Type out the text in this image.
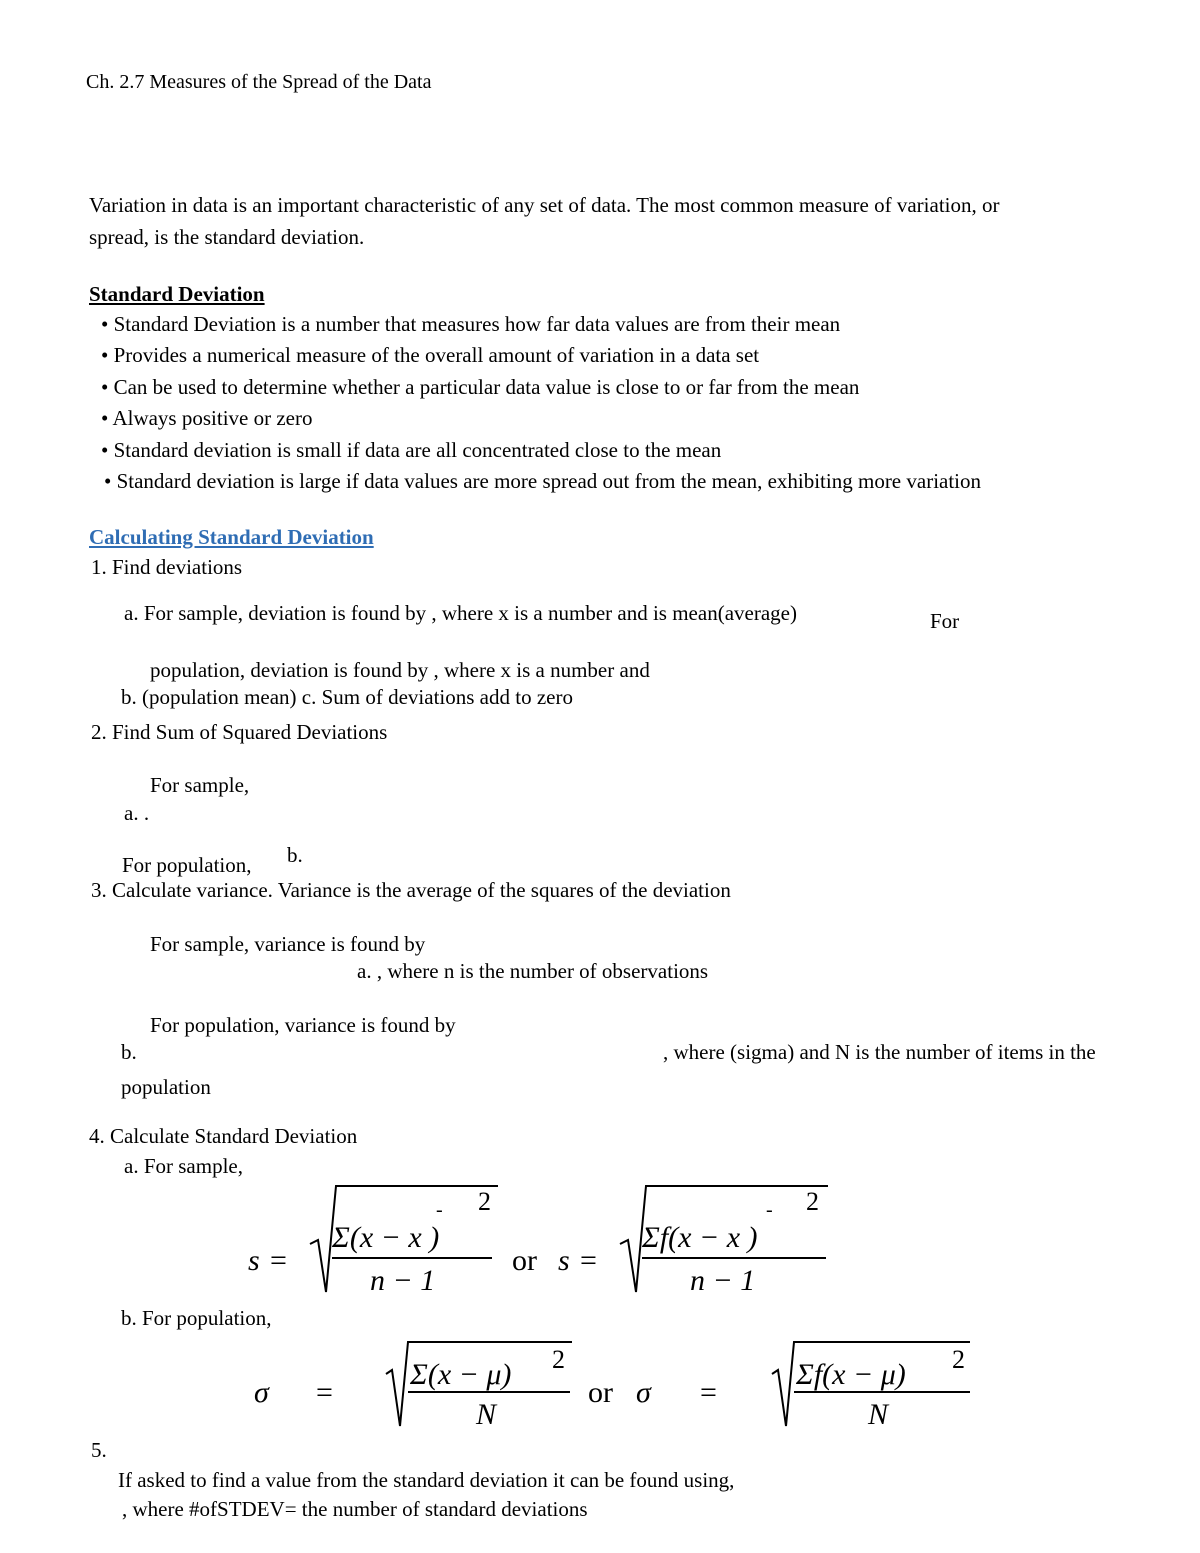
Ch. 2.7 Measures of the Spread of the Data
Variation in data is an important characteristic of any set of data. The most common measure of variation, or
spread, is the standard deviation.
Standard Deviation
• Standard Deviation is a number that measures how far data values are from their mean
• Provides a numerical measure of the overall amount of variation in a data set
• Can be used to determine whether a particular data value is close to or far from the mean
• Always positive or zero
• Standard deviation is small if data are all concentrated close to the mean
• Standard deviation is large if data values are more spread out from the mean, exhibiting more variation
Calculating Standard Deviation
1. Find deviations
a. For sample, deviation is found by , where x is a number and is mean(average)	For
population, deviation is found by , where x is a number and
b. (population mean) c. Sum of deviations add to zero
2. Find Sum of Squared Deviations
For sample,
a. .
For population, b.
3. Calculate variance. Variance is the average of the squares of the deviation
For sample, variance is found by
a. , where n is the number of observations
For population, variance is found by
b.	, where (sigma) and N is the number of items in the
population
4. Calculate Standard Deviation
a. For sample,
s =
Σ(x − x )
- 2
n − 1
or s =
Σf(x − x )
- 2
n − 1
b. For population,
σ =
Σ(x − μ) 2
N
or σ =
Σf(x − μ) 2
N
5.
If asked to find a value from the standard deviation it can be found using,
, where #ofSTDEV= the number of standard deviations
